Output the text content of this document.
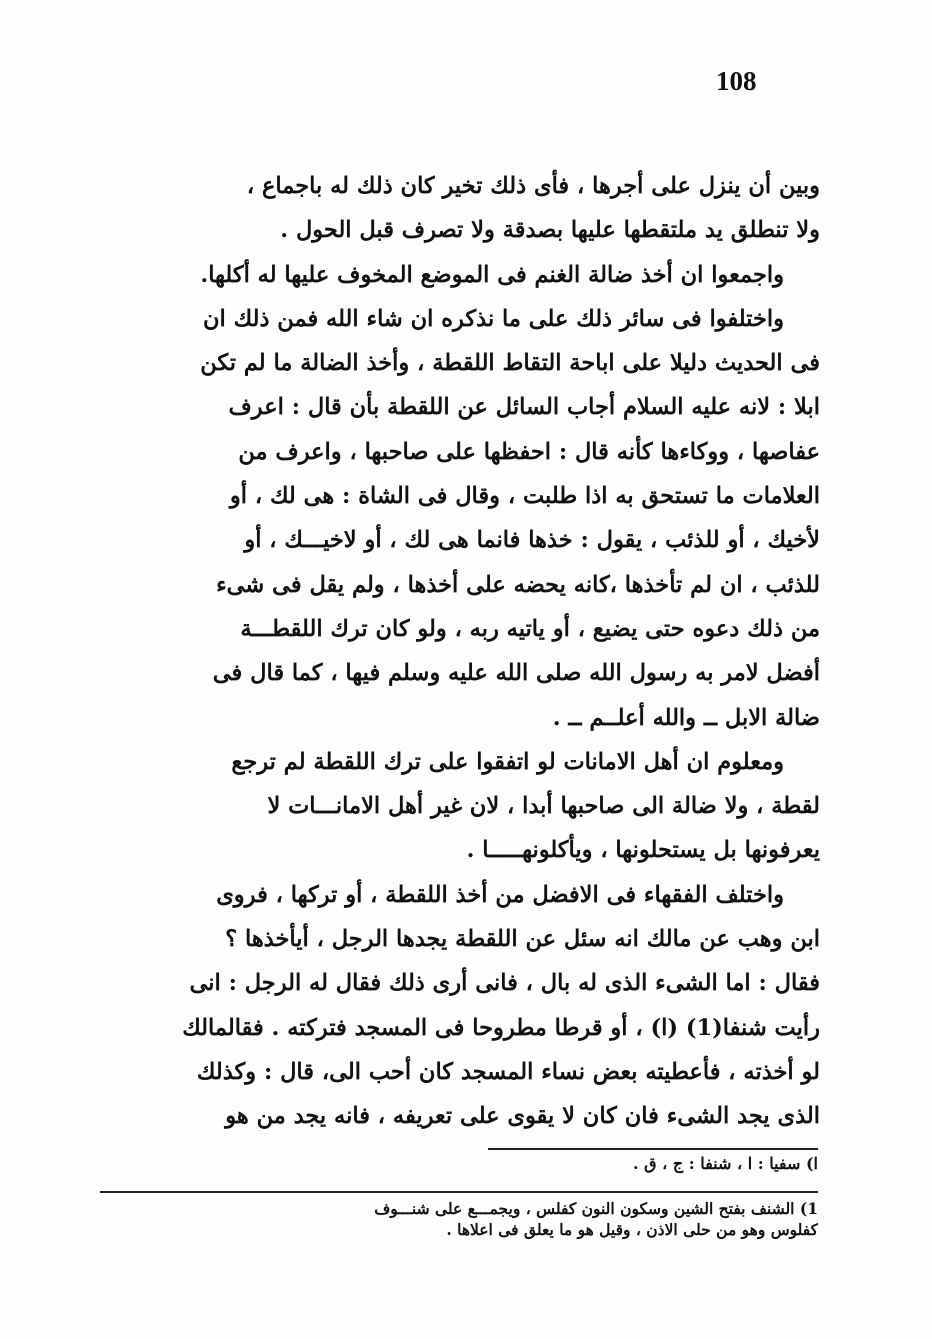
108
وبين أن ينزل على أجرها ، فأى ذلك تخير كان ذلك له باجماع ،
ولا تنطلق يد ملتقطها عليها بصدقة ولا تصرف قبل الحول .
واجمعوا ان أخذ ضالة الغنم فى الموضع المخوف عليها له أكلها.
واختلفوا فى سائر ذلك على ما نذكره ان شاء الله فمن ذلك ان
فى الحديث دليلا على اباحة التقاط اللقطة ، وأخذ الضالة ما لم تكن
ابلا : لانه عليه السلام أجاب السائل عن اللقطة بأن قال : اعرف
عفاصها ، ووكاءها كأنه قال : احفظها على صاحبها ، واعرف من
العلامات ما تستحق به اذا طلبت ، وقال فى الشاة : هى لك ، أو
لأخيك ، أو للذئب ، يقول : خذها فانما هى لك ، أو لاخيـــك ، أو
للذئب ، ان لم تأخذها ،كانه يحضه على أخذها ، ولم يقل فى شىء
من ذلك دعوه حتى يضيع ، أو ياتيه ربه ، ولو كان ترك اللقطـــة
أفضل لامر به رسول الله صلى الله عليه وسلم فيها ، كما قال فى
ضالة الابل ــ والله أعلــم ــ .
ومعلوم ان أهل الامانات لو اتفقوا على ترك اللقطة لم ترجع
لقطة ، ولا ضالة الى صاحبها أبدا ، لان غير أهل الامانـــات لا
يعرفونها بل يستحلونها ، ويأكلونهـــــا .
واختلف الفقهاء فى الافضل من أخذ اللقطة ، أو تركها ، فروى
ابن وهب عن مالك انه سئل عن اللقطة يجدها الرجل ، أيأخذها ؟
فقال : اما الشىء الذى له بال ، فانى أرى ذلك فقال له الرجل : انى
رأيت شنفا(1) (ا) ، أو قرطا مطروحا فى المسجد فتركته . فقالمالك
لو أخذته ، فأعطيته بعض نساء المسجد كان أحب الى، قال : وكذلك
الذى يجد الشىء فان كان لا يقوى على تعريفه ، فانه يجد من هو
ا) سفيا : ا ، شنفا : ج ، ق .
1) الشنف بفتح الشين وسكون النون كفلس ، ويجمـــع على شنـــوف
كفلوس وهو من حلى الاذن ، وقيل هو ما يعلق فى اعلاها .
